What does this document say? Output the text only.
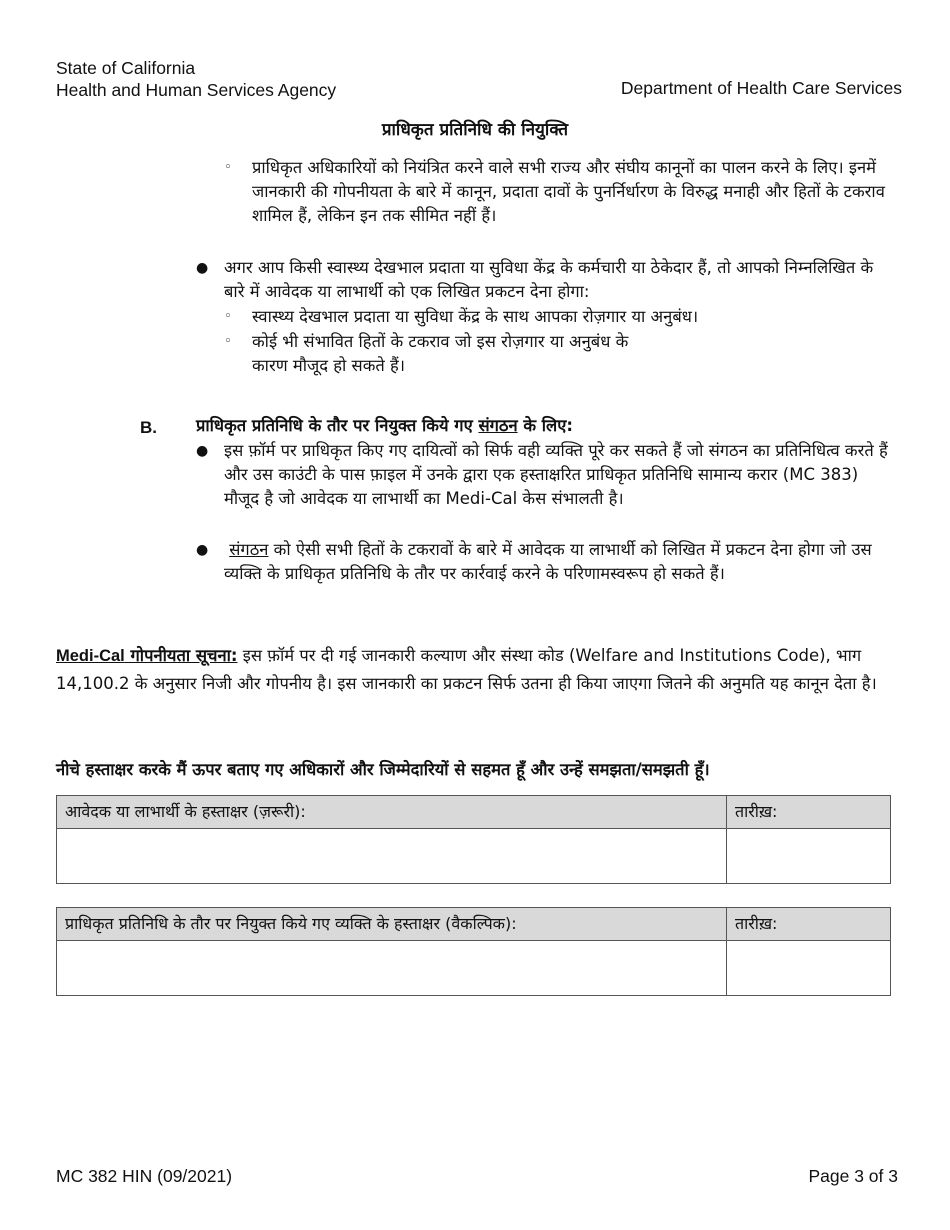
State of California
Health and Human Services Agency	Department of Health Care Services
प्राधिकृत प्रतिनिधि की नियुक्ति
◦ प्राधिकृत अधिकारियों को नियंत्रित करने वाले सभी राज्य और संघीय कानूनों का पालन करने के लिए। इनमें जानकारी की गोपनीयता के बारे में कानून, प्रदाता दावों के पुनर्निर्धारण के विरुद्ध मनाही और हितों के टकराव शामिल हैं, लेकिन इन तक सीमित नहीं हैं।
● अगर आप किसी स्वास्थ्य देखभाल प्रदाता या सुविधा केंद्र के कर्मचारी या ठेकेदार हैं, तो आपको निम्नलिखित के बारे में आवेदक या लाभार्थी को एक लिखित प्रकटन देना होगा:
◦ स्वास्थ्य देखभाल प्रदाता या सुविधा केंद्र के साथ आपका रोज़गार या अनुबंध।
◦ कोई भी संभावित हितों के टकराव जो इस रोज़गार या अनुबंध के
कारण मौजूद हो सकते हैं।
B. प्राधिकृत प्रतिनिधि के तौर पर नियुक्त किये गए संगठन के लिए:
● इस फ़ॉर्म पर प्राधिकृत किए गए दायित्वों को सिर्फ वही व्यक्ति पूरे कर सकते हैं जो संगठन का प्रतिनिधित्व करते हैं और उस काउंटी के पास फ़ाइल में उनके द्वारा एक हस्ताक्षरित प्राधिकृत प्रतिनिधि सामान्य करार (MC 383) मौजूद है जो आवेदक या लाभार्थी का Medi-Cal केस संभालती है।
● संगठन को ऐसी सभी हितों के टकरावों के बारे में आवेदक या लाभार्थी को लिखित में प्रकटन देना होगा जो उस व्यक्ति के प्राधिकृत प्रतिनिधि के तौर पर कार्रवाई करने के परिणामस्वरूप हो सकते हैं।
Medi-Cal गोपनीयता सूचना: इस फ़ॉर्म पर दी गई जानकारी कल्याण और संस्था कोड (Welfare and Institutions Code), भाग 14,100.2 के अनुसार निजी और गोपनीय है। इस जानकारी का प्रकटन सिर्फ उतना ही किया जाएगा जितने की अनुमति यह कानून देता है।
नीचे हस्ताक्षर करके मैं ऊपर बताए गए अधिकारों और जिम्मेदारियों से सहमत हूँ और उन्हें समझता/समझती हूँ।
आवेदक या लाभार्थी के हस्ताक्षर (ज़रूरी):	तारीख़:

प्राधिकृत प्रतिनिधि के तौर पर नियुक्त किये गए व्यक्ति के हस्ताक्षर (वैकल्पिक):	तारीख़:

MC 382 HIN (09/2021)	Page 3 of 3
